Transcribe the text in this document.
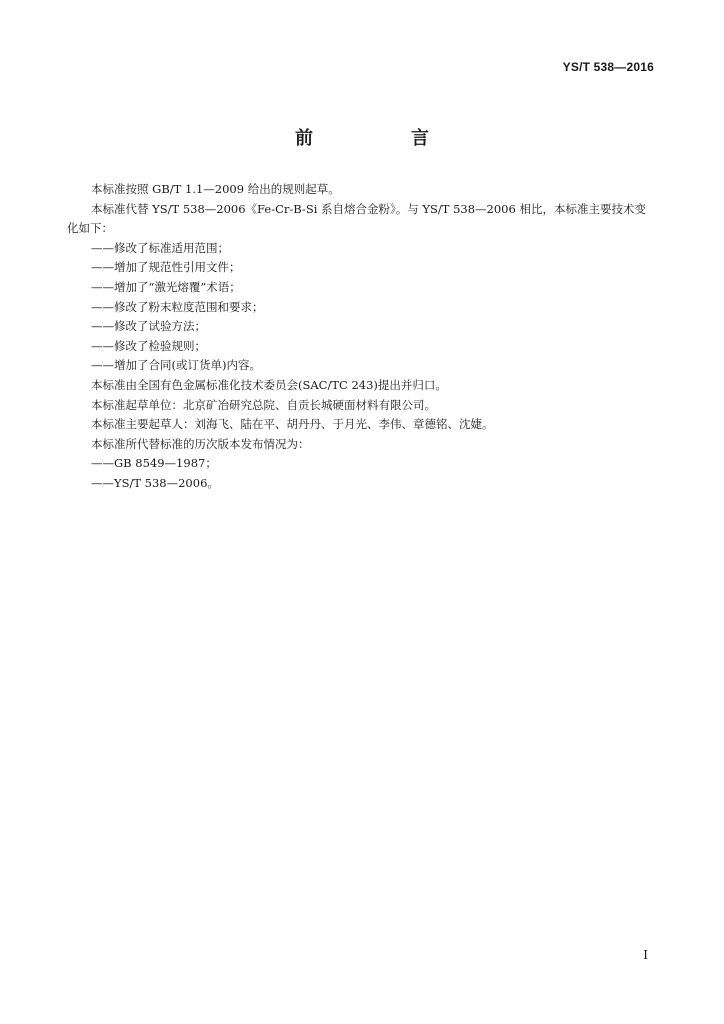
YS/T 538—2016
前　言

本标准按照 GB/T 1.1—2009 给出的规则起草。

本标准代替 YS/T 538—2006《Fe-Cr-B-Si 系自熔合金粉》。与 YS/T 538—2006 相比，本标准主要技术变化如下：

——修改了标准适用范围；

——增加了规范性引用文件；

——增加了“激光熔覆”术语；

——修改了粉末粒度范围和要求；

——修改了试验方法；

——修改了检验规则；

——增加了合同(或订货单)内容。

本标准由全国有色金属标准化技术委员会(SAC/TC 243)提出并归口。

本标准起草单位：北京矿冶研究总院、自贡长城硬面材料有限公司。

本标准主要起草人：刘海飞、陆在平、胡丹丹、于月光、李伟、章德铭、沈婕。

本标准所代替标准的历次版本发布情况为：

——GB 8549—1987；

——YS/T 538—2006。

I
